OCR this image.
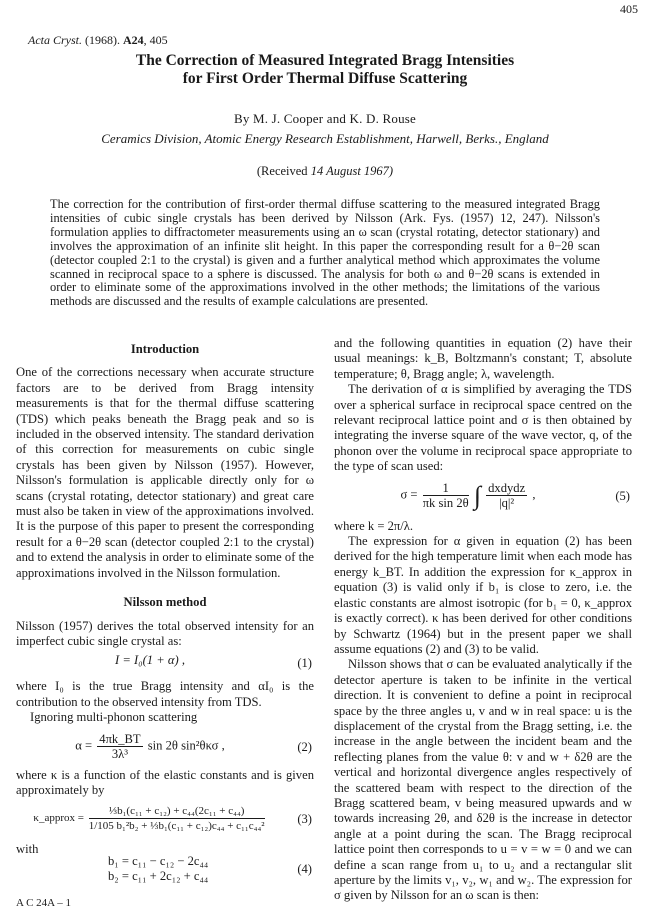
405
Acta Cryst. (1968). A24, 405
The Correction of Measured Integrated Bragg Intensities
for First Order Thermal Diffuse Scattering
By M. J. Cooper and K. D. Rouse
Ceramics Division, Atomic Energy Research Establishment, Harwell, Berks., England
(Received 14 August 1967)
The correction for the contribution of first-order thermal diffuse scattering to the measured integrated Bragg intensities of cubic single crystals has been derived by Nilsson (Ark. Fys. (1957) 12, 247). Nilsson's formulation applies to diffractometer measurements using an ω scan (crystal rotating, detector stationary) and involves the approximation of an infinite slit height. In this paper the corresponding result for a θ−2θ scan (detector coupled 2:1 to the crystal) is given and a further analytical method which approximates the volume scanned in reciprocal space to a sphere is discussed. The analysis for both ω and θ−2θ scans is extended in order to eliminate some of the approximations involved in the other methods; the limitations of the various methods are discussed and the results of example calculations are presented.
Introduction

One of the corrections necessary when accurate structure factors are to be derived from Bragg intensity measurements is that for the thermal diffuse scattering (TDS) which peaks beneath the Bragg peak and so is included in the observed intensity. The standard derivation of this correction for measurements on cubic single crystals has been given by Nilsson (1957). However, Nilsson's formulation is applicable directly only for ω scans (crystal rotating, detector stationary) and great care must also be taken in view of the approximations involved. It is the purpose of this paper to present the corresponding result for a θ−2θ scan (detector coupled 2:1 to the crystal) and to extend the analysis in order to eliminate some of the approximations involved in the Nilsson formulation.

Nilsson method

Nilsson (1957) derives the total observed intensity for an imperfect cubic single crystal as:

I = I₀(1 + α) ,	(1)

where I₀ is the true Bragg intensity and αI₀ is the contribution to the observed intensity from TDS.

Ignoring multi-phonon scattering

$\alpha = \frac{4\pi k\_BT}{\text{3λ³}}$ sin 2θ sin²θκσ ,	(2)

where κ is a function of the elastic constants and is given approximately by

κ_approx = $\frac{\text{⅓b₁(c₁₁ + c₁₂) + c₄₄(2c₁₁ + c₄₄)}}{\text{1/105 b₁²b₂ + ⅓b₁(c₁₁ + c₁₂)c₄₄ + c₁₁c₄₄²}}$	(3)

with

b₁ = c₁₁ − c₁₂ − 2c₄₄
b₂ = c₁₁ + 2c₁₂ + c₄₄	(4)

and the following quantities in equation (2) have their usual meanings: k_B, Boltzmann's constant; T, absolute temperature; θ, Bragg angle; λ, wavelength.

The derivation of α is simplified by averaging the TDS over a spherical surface in reciprocal space centred on the relevant reciprocal lattice point and σ is then obtained by integrating the inverse square of the wave vector, q, of the phonon over the volume in reciprocal space appropriate to the type of scan used:

$\sigma = \frac{1}{\text{πk sin 2θ}}$ ∫ $\frac{\text{dxdydz}}{\text{|q|²}}$ ,	(5)

where k = 2π/λ.

The expression for α given in equation (2) has been derived for the high temperature limit when each mode has energy k_BT. In addition the expression for κ_approx in equation (3) is valid only if b₁ is close to zero, i.e. the elastic constants are almost isotropic (for b₁ = 0, κ_approx is exactly correct). κ has been derived for other conditions by Schwartz (1964) but in the present paper we shall assume equations (2) and (3) to be valid.

Nilsson shows that σ can be evaluated analytically if the detector aperture is taken to be infinite in the vertical direction. It is convenient to define a point in reciprocal space by the three angles u, v and w in real space: u is the displacement of the crystal from the Bragg setting, i.e. the increase in the angle between the incident beam and the reflecting planes from the value θ: v and w + δ2θ are the vertical and horizontal divergence angles respectively of the scattered beam with respect to the direction of the Bragg scattered beam, v being measured upwards and w towards increasing 2θ, and δ2θ is the increase in detector angle at a point during the scan. The Bragg reciprocal lattice point then corresponds to u = v = w = 0 and we can define a scan range from u₁ to u₂ and a rectangular slit aperture by the limits v₁, v₂, w₁ and w₂. The expression for σ given by Nilsson for an ω scan is then:

A C 24A – 1
